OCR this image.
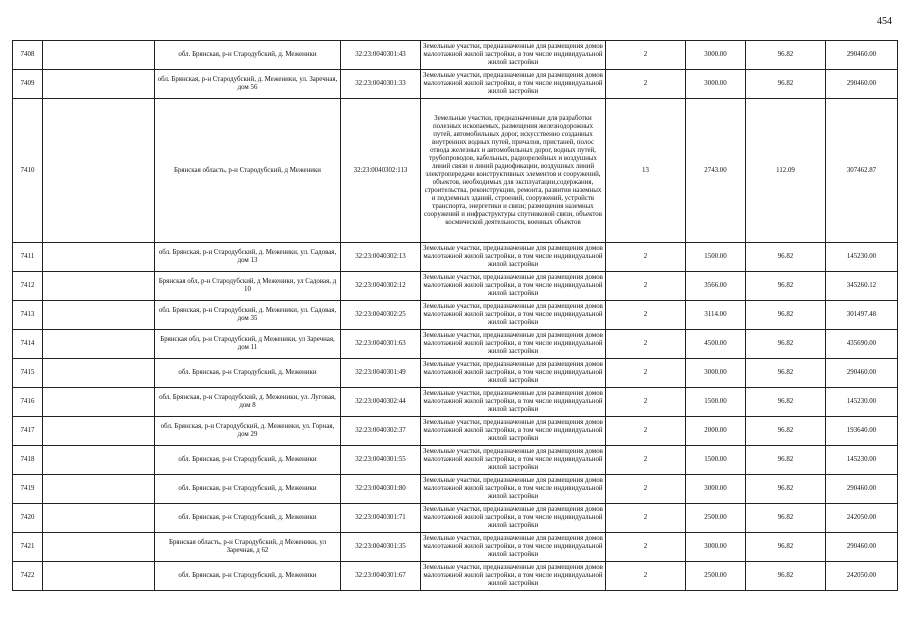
454
7408		обл. Брянская, р-н Стародубский, д. Меженики	32:23:0040301:43	Земельные участки, предназначенные для размещения домов малоэтажной жилой застройки, в том числе индивидуальной жилой застройки	2	3000.00	96.82	290460.00
7409		обл. Брянская, р-н Стародубский, д. Меженики, ул. Заречная, дом 56	32:23:0040301:33	Земельные участки, предназначенные для размещения домов малоэтажной жилой застройки, в том числе индивидуальной жилой застройки	2	3000.00	96.82	290460.00
7410		Брянская область, р-н Стародубский, д Меженики	32:23:0040302:113	Земельные участки, предназначенные для разработки полезных ископаемых, размещения железнодорожных путей, автомобильных дорог, искусственно созданных внутренних водных путей, причалов, пристаней, полос отвода железных и автомобильных дорог, водных путей, трубопроводов, кабельных, радиорелейных и воздушных линий связи и линий радиофикации, воздушных линий электропередачи конструктивных элементов и сооружений, объектов, необходимых для эксплуатации,содержания, строительства, реконструкции, ремонта, развития наземных и подземных зданий, строений, сооружений, устройств транспорта, энергетики и связи; размещения наземных сооружений и инфраструктуры спутниковой связи, объектов космической деятельности, военных объектов	13	2743.00	112.09	307462.87
7411		обл. Брянская, р-н Стародубский, д. Меженики, ул. Садовая, дом 13	32:23:0040302:13	Земельные участки, предназначенные для размещения домов малоэтажной жилой застройки, в том числе индивидуальной жилой застройки	2	1500.00	96.82	145230.00
7412		Брянская обл, р-н Стародубский, д Меженики, ул Садовая, д 10	32:23:0040302:12	Земельные участки, предназначенные для размещения домов малоэтажной жилой застройки, в том числе индивидуальной жилой застройки	2	3566.00	96.82	345260.12
7413		обл. Брянская, р-н Стародубский, д. Меженики, ул. Садовая, дом 35	32:23:0040302:25	Земельные участки, предназначенные для размещения домов малоэтажной жилой застройки, в том числе индивидуальной жилой застройки	2	3114.00	96.82	301497.48
7414		Брянская обл, р-н Стародубский, д Меженики, ул Заречная, дом 11	32:23:0040301:63	Земельные участки, предназначенные для размещения домов малоэтажной жилой застройки, в том числе индивидуальной жилой застройки	2	4500.00	96.82	435690.00
7415		обл. Брянская, р-н Стародубский, д. Меженики	32:23:0040301:49	Земельные участки, предназначенные для размещения домов малоэтажной жилой застройки, в том числе индивидуальной жилой застройки	2	3000.00	96.82	290460.00
7416		обл. Брянская, р-н Стародубский, д. Меженики, ул. Луговая, дом 8	32:23:0040302:44	Земельные участки, предназначенные для размещения домов малоэтажной жилой застройки, в том числе индивидуальной жилой застройки	2	1500.00	96.82	145230.00
7417		обл. Брянская, р-н Стародубский, д. Меженики, ул. Горная, дом 29	32:23:0040302:37	Земельные участки, предназначенные для размещения домов малоэтажной жилой застройки, в том числе индивидуальной жилой застройки	2	2000.00	96.82	193640.00
7418		обл. Брянская, р-н Стародубский, д. Меженики	32:23:0040301:55	Земельные участки, предназначенные для размещения домов малоэтажной жилой застройки, в том числе индивидуальной жилой застройки	2	1500.00	96.82	145230.00
7419		обл. Брянская, р-н Стародубский, д. Меженики	32:23:0040301:80	Земельные участки, предназначенные для размещения домов малоэтажной жилой застройки, в том числе индивидуальной жилой застройки	2	3000.00	96.82	290460.00
7420		обл. Брянская, р-н Стародубский, д. Меженики	32:23:0040301:71	Земельные участки, предназначенные для размещения домов малоэтажной жилой застройки, в том числе индивидуальной жилой застройки	2	2500.00	96.82	242050.00
7421		Брянская область, р-н Стародубский, д Меженики, ул Заречная, д 62	32:23:0040301:35	Земельные участки, предназначенные для размещения домов малоэтажной жилой застройки, в том числе индивидуальной жилой застройки	2	3000.00	96.82	290460.00
7422		обл. Брянская, р-н Стародубский, д. Меженики	32:23:0040301:67	Земельные участки, предназначенные для размещения домов малоэтажной жилой застройки, в том числе индивидуальной жилой застройки	2	2500.00	96.82	242050.00
